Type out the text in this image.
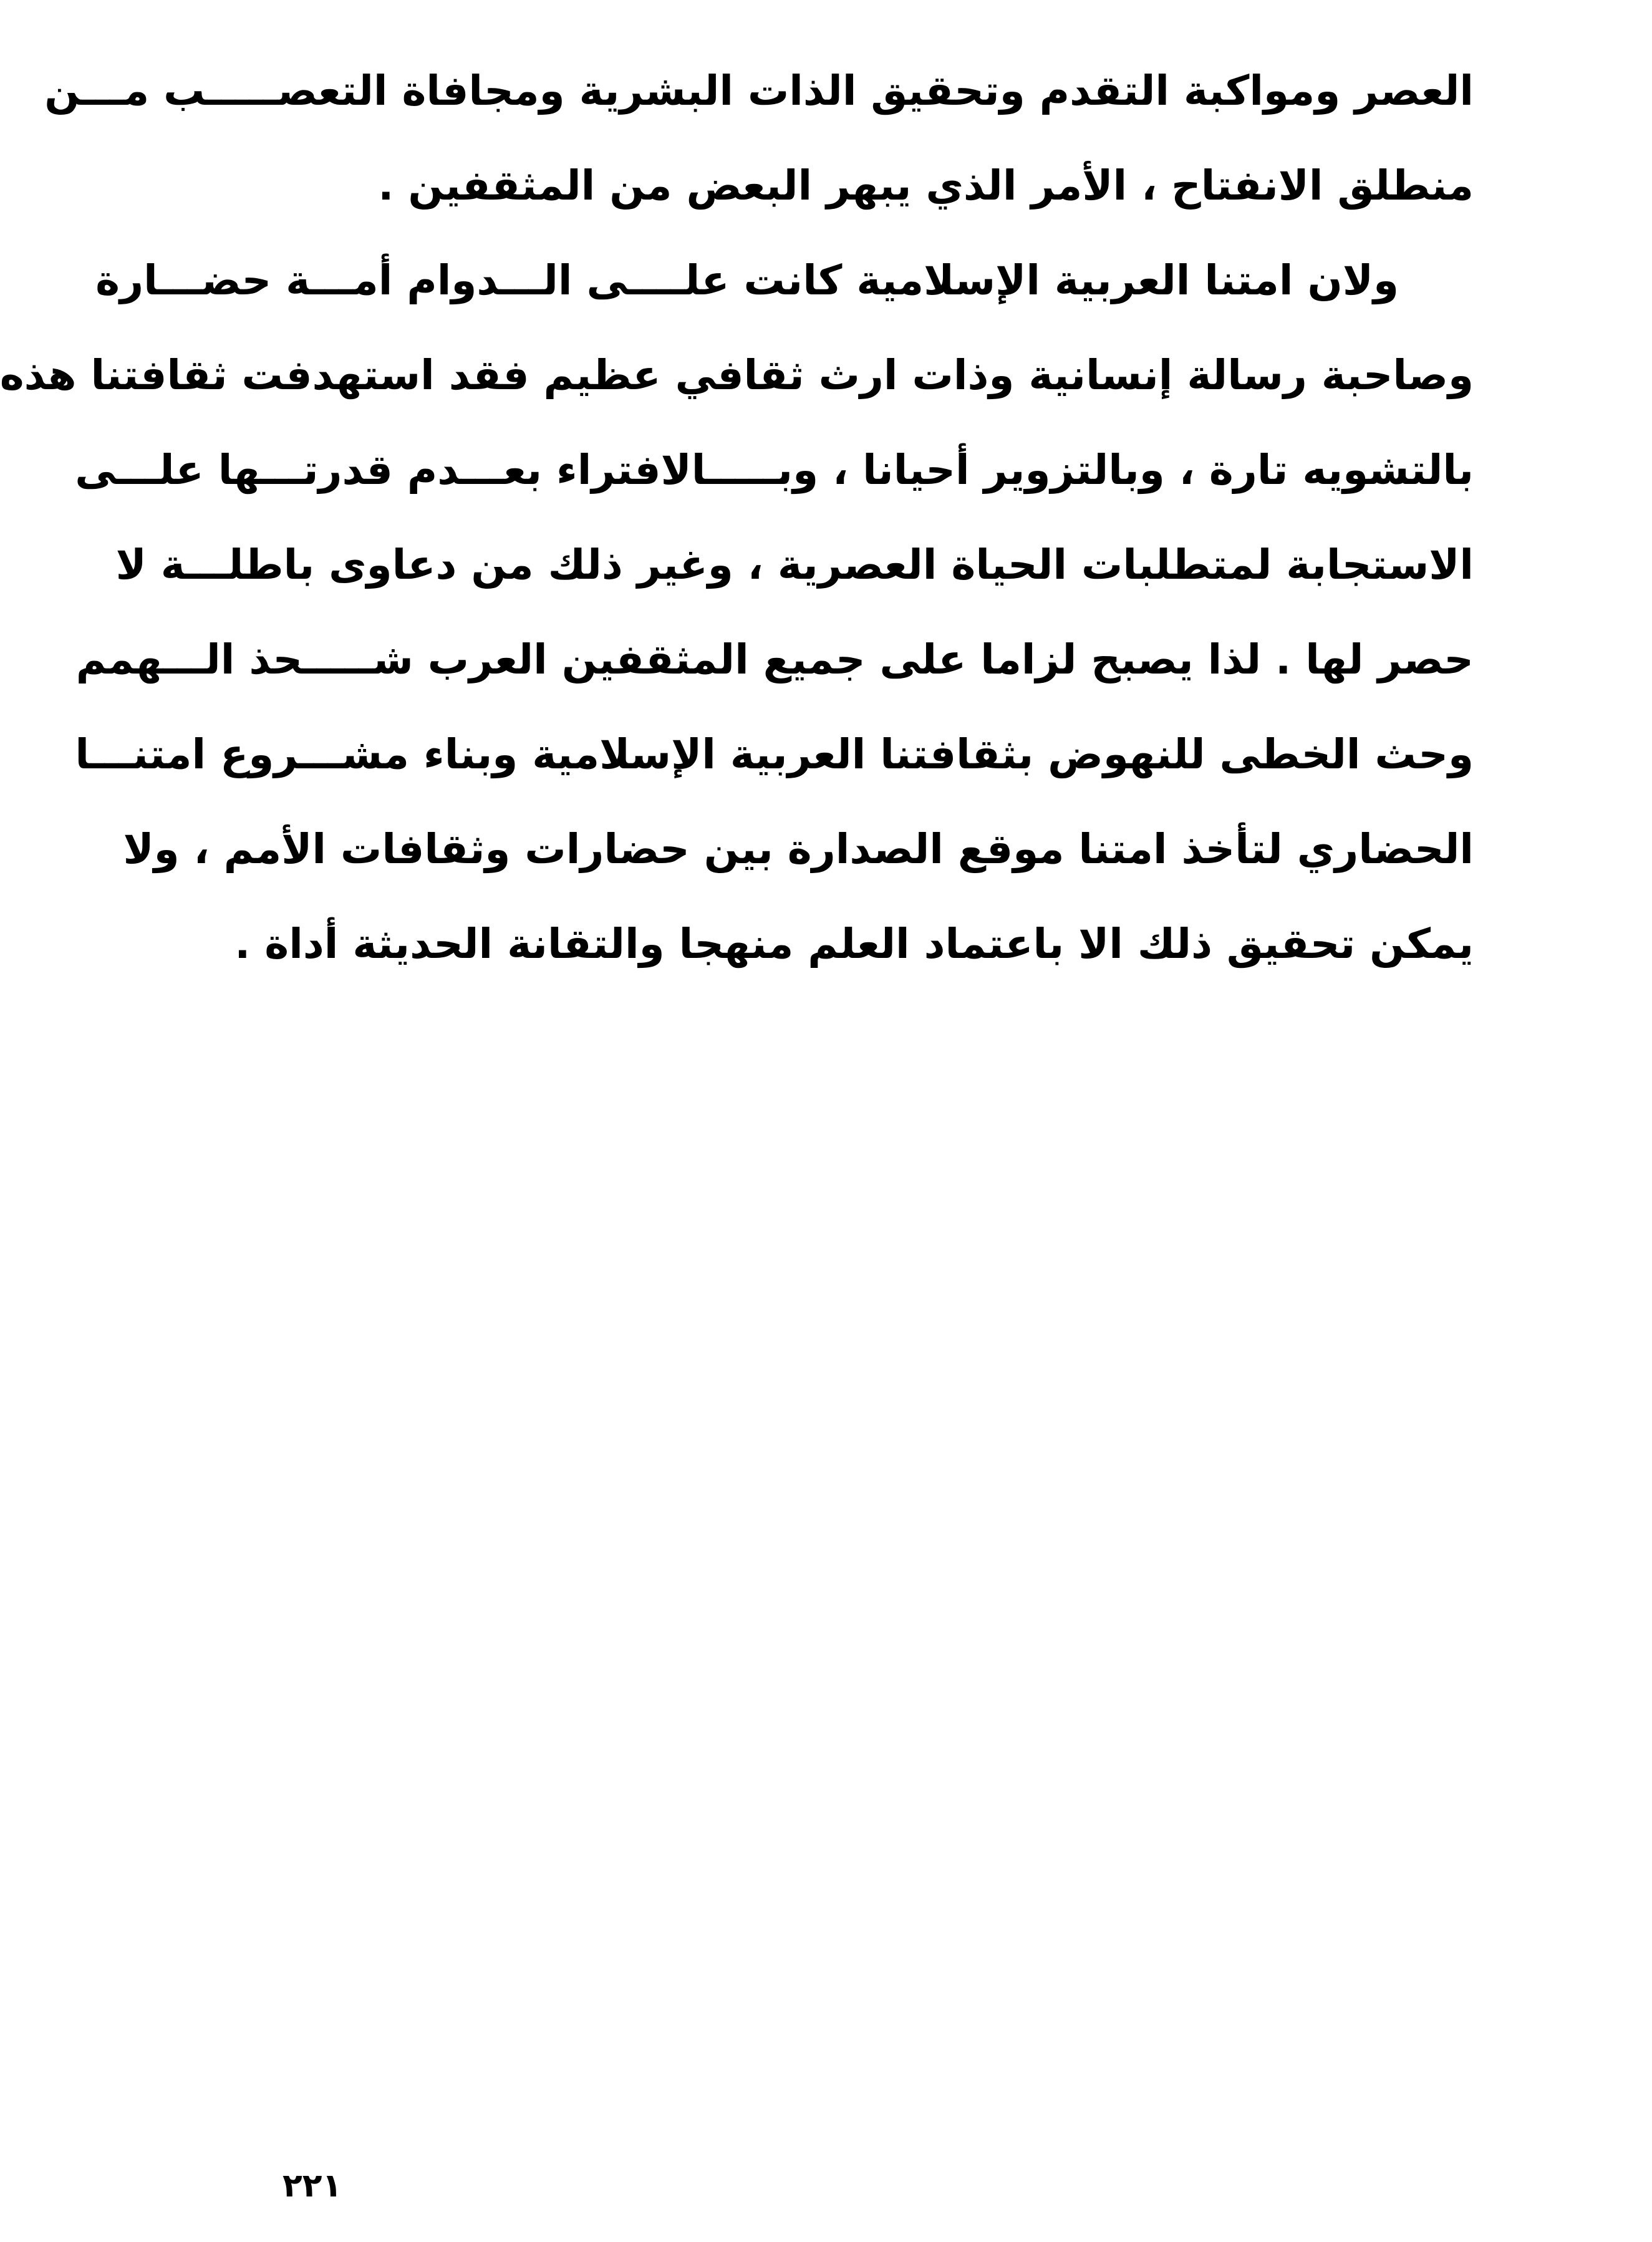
العصر ومواكبة التقدم وتحقيق الذات البشرية ومجافاة التعصـــــب مـــن
منطلق الانفتاح ، الأمر الذي يبهر البعض من المثقفين .
ولان امتنا العربية الإسلامية كانت علــــى الـــدوام أمـــة حضـــارة
وصاحبة رسالة إنسانية وذات ارث ثقافي عظيم فقد استهدفت ثقافتنا هذه
بالتشويه تارة ، وبالتزوير أحيانا ، وبـــــالافتراء بعـــدم قدرتـــها علـــى
الاستجابة لمتطلبات الحياة العصرية ، وغير ذلك من دعاوى باطلـــة لا
حصر لها . لذا يصبح لزاما على جميع المثقفين العرب شـــــحذ الـــهمم
وحث الخطى للنهوض بثقافتنا العربية الإسلامية وبناء مشـــروع امتنـــا
الحضاري لتأخذ امتنا موقع الصدارة بين حضارات وثقافات الأمم ، ولا
يمكن تحقيق ذلك الا باعتماد العلم منهجا والتقانة الحديثة أداة .
٢٢١
